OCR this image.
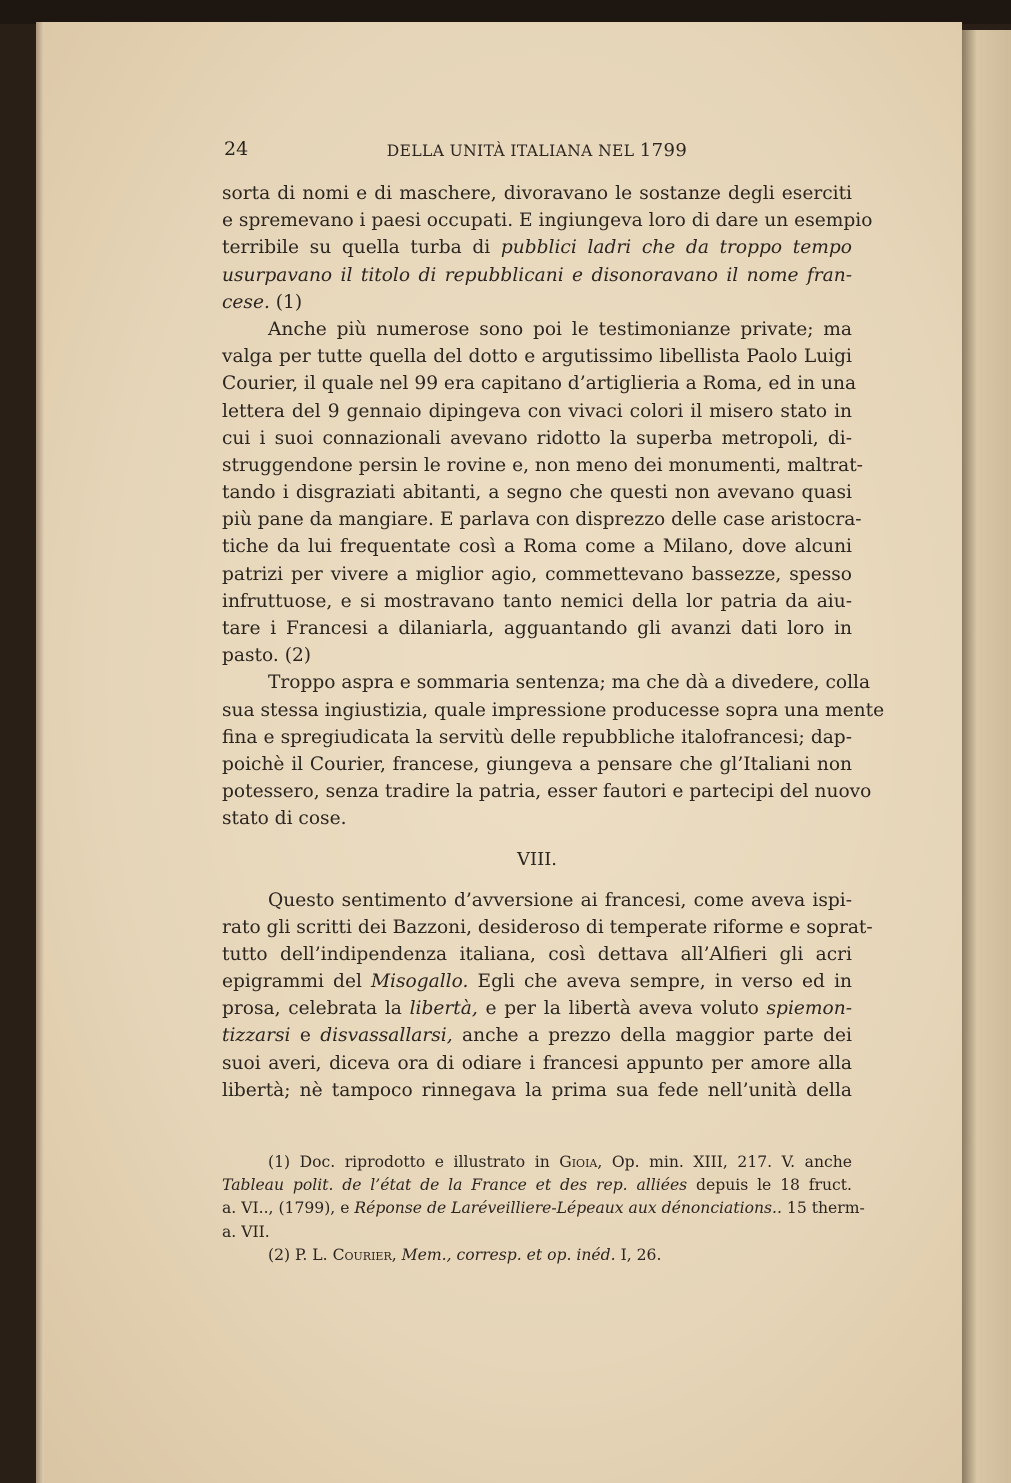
24	DELLA UNITÀ ITALIANA NEL 1799
sorta di nomi e di maschere, divoravano le sostanze degli eserciti
e spremevano i paesi occupati. E ingiungeva loro di dare un esempio
terribile su quella turba di pubblici ladri che da troppo tempo
usurpavano il titolo di repubblicani e disonoravano il nome fran-
cese. (1)
Anche più numerose sono poi le testimonianze private; ma
valga per tutte quella del dotto e argutissimo libellista Paolo Luigi
Courier, il quale nel 99 era capitano d’artiglieria a Roma, ed in una
lettera del 9 gennaio dipingeva con vivaci colori il misero stato in
cui i suoi connazionali avevano ridotto la superba metropoli, di-
struggendone persin le rovine e, non meno dei monumenti, maltrat-
tando i disgraziati abitanti, a segno che questi non avevano quasi
più pane da mangiare. E parlava con disprezzo delle case aristocra-
tiche da lui frequentate così a Roma come a Milano, dove alcuni
patrizi per vivere a miglior agio, commettevano bassezze, spesso
infruttuose, e si mostravano tanto nemici della lor patria da aiu-
tare i Francesi a dilaniarla, agguantando gli avanzi dati loro in
pasto. (2)
Troppo aspra e sommaria sentenza; ma che dà a divedere, colla
sua stessa ingiustizia, quale impressione producesse sopra una mente
fina e spregiudicata la servitù delle repubbliche italofrancesi; dap-
poichè il Courier, francese, giungeva a pensare che gl’Italiani non
potessero, senza tradire la patria, esser fautori e partecipi del nuovo
stato di cose.
VIII.
Questo sentimento d’avversione ai francesi, come aveva ispi-
rato gli scritti dei Bazzoni, desideroso di temperate riforme e soprat-
tutto dell’indipendenza italiana, così dettava all’Alfieri gli acri
epigrammi del Misogallo. Egli che aveva sempre, in verso ed in
prosa, celebrata la libertà, e per la libertà aveva voluto spiemon-
tizzarsi e disvassallarsi, anche a prezzo della maggior parte dei
suoi averi, diceva ora di odiare i francesi appunto per amore alla
libertà; nè tampoco rinnegava la prima sua fede nell’unità della
(1) Doc. riprodotto e illustrato in Gioia, Op. min. XIII, 217. V. anche
Tableau polit. de l’état de la France et des rep. alliées depuis le 18 fruct.
a. VI.., (1799), e Réponse de Laréveilliere-Lépeaux aux dénonciations.. 15 therm-
a. VII.
(2) P. L. Courier, Mem., corresp. et op. inéd. I, 26.
